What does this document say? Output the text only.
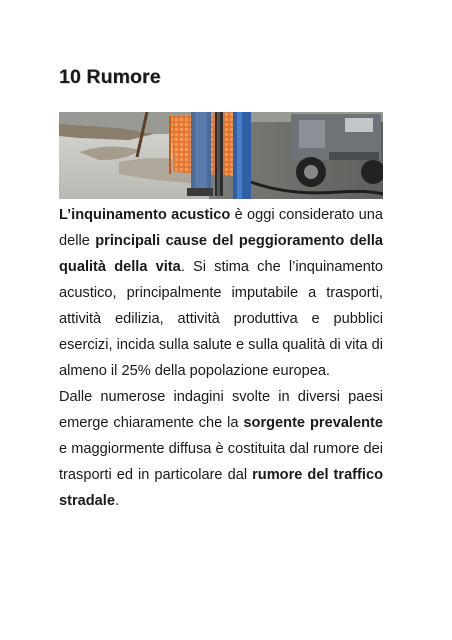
10 Rumore

L’inquinamento acustico è oggi considerato una delle principali cause del peggioramento della qualità della vita. Si stima che l’inquinamento acustico, principalmente imputabile a trasporti, attività edilizia, attività produttiva e pubblici esercizi, incida sulla salute e sulla qualità di vita di almeno il 25% della popolazione europea.

Dalle numerose indagini svolte in diversi paesi emerge chiaramente che la sorgente prevalente e maggiormente diffusa è costituita dal rumore dei trasporti ed in particolare dal rumore del traffico stradale.
